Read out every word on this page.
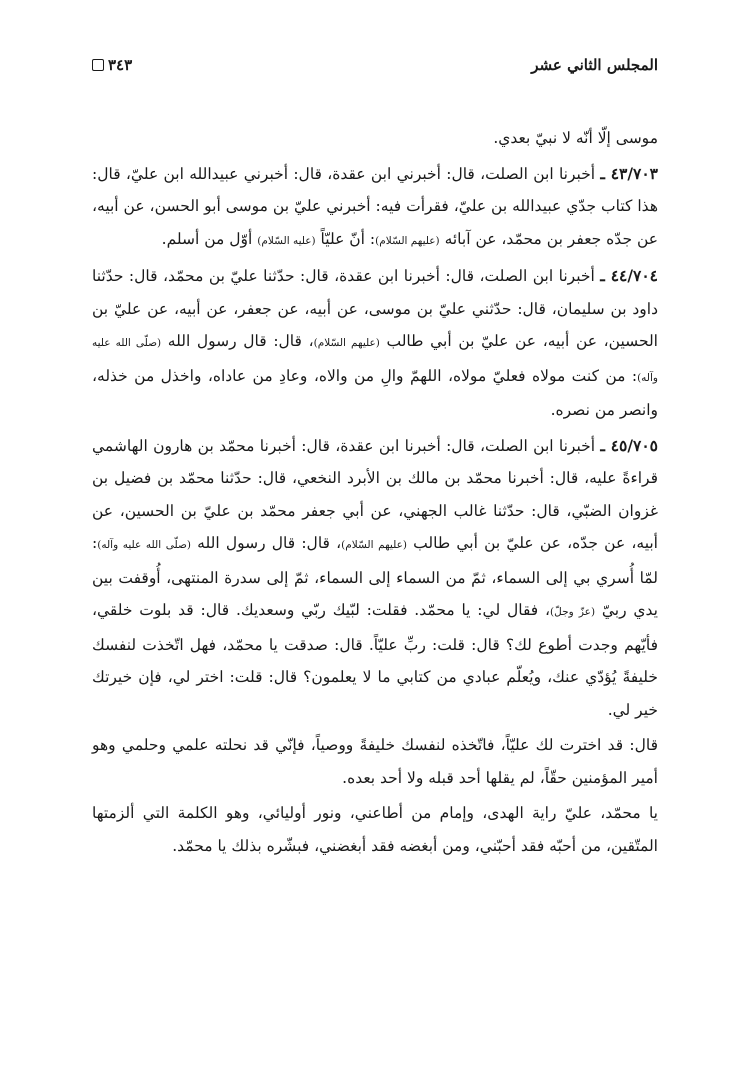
المجلس الثاني عشر
٣٤٣

موسى إلّا أنّه لا نبيّ بعدي.

٤٣/٧٠٣ ـ أخبرنا ابن الصلت، قال: أخبرني ابن عقدة، قال: أخبرني عبيدالله ابن عليّ، قال: هذا كتاب جدّي عبيدالله بن عليّ، فقرأت فيه: أخبرني عليّ بن موسى أبو الحسن، عن أبيه، عن جدّه جعفر بن محمّد، عن آبائه (عليهم السّلام): أنّ عليّاً (عليه السّلام) أوّل من أسلم.

٤٤/٧٠٤ ـ أخبرنا ابن الصلت، قال: أخبرنا ابن عقدة، قال: حدّثنا عليّ بن محمّد، قال: حدّثنا داود بن سليمان، قال: حدّثني عليّ بن موسى، عن أبيه، عن جعفر، عن أبيه، عن عليّ بن الحسين، عن أبيه، عن عليّ بن أبي طالب (عليهم السّلام)، قال: قال رسول الله (صلّى الله عليه وآله): من كنت مولاه فعليّ مولاه، اللهمّ والِ من والاه، وعادِ من عاداه، واخذل من خذله، وانصر من نصره.

٤٥/٧٠٥ ـ أخبرنا ابن الصلت، قال: أخبرنا ابن عقدة، قال: أخبرنا محمّد بن هارون الهاشمي قراءةً عليه، قال: أخبرنا محمّد بن مالك بن الأبرد النخعي، قال: حدّثنا محمّد بن فضيل بن غزوان الضبّي، قال: حدّثنا غالب الجهني، عن أبي جعفر محمّد بن عليّ بن الحسين، عن أبيه، عن جدّه، عن عليّ بن أبي طالب (عليهم السّلام)، قال: قال رسول الله (صلّى الله عليه وآله): لمّا أُسري بي إلى السماء، ثمّ من السماء إلى السماء، ثمّ إلى سدرة المنتهى، أُوقفت بين يدي ربيّ (عزّ وجلّ)، فقال لي: يا محمّد. فقلت: لبّيك ربّي وسعديك. قال: قد بلوت خلقي، فأيّهم وجدت أطوع لك؟ قال: قلت: ربِّ عليّاً. قال: صدقت يا محمّد، فهل اتّخذت لنفسك خليفةً يُؤدّي عنك، ويُعلّم عبادي من كتابي ما لا يعلمون؟ قال: قلت: اختر لي، فإن خيرتك خير لي.

قال: قد اخترت لك عليّاً، فاتّخذه لنفسك خليفةً ووصياً، فإنّي قد نحلته علمي وحلمي وهو أمير المؤمنين حقّاً، لم يقلها أحد قبله ولا أحد بعده.

يا محمّد، عليّ راية الهدى، وإمام من أطاعني، ونور أوليائي، وهو الكلمة التي ألزمتها المتّقين، من أحبّه فقد أحبّني، ومن أبغضه فقد أبغضني، فبشّره بذلك يا محمّد.
